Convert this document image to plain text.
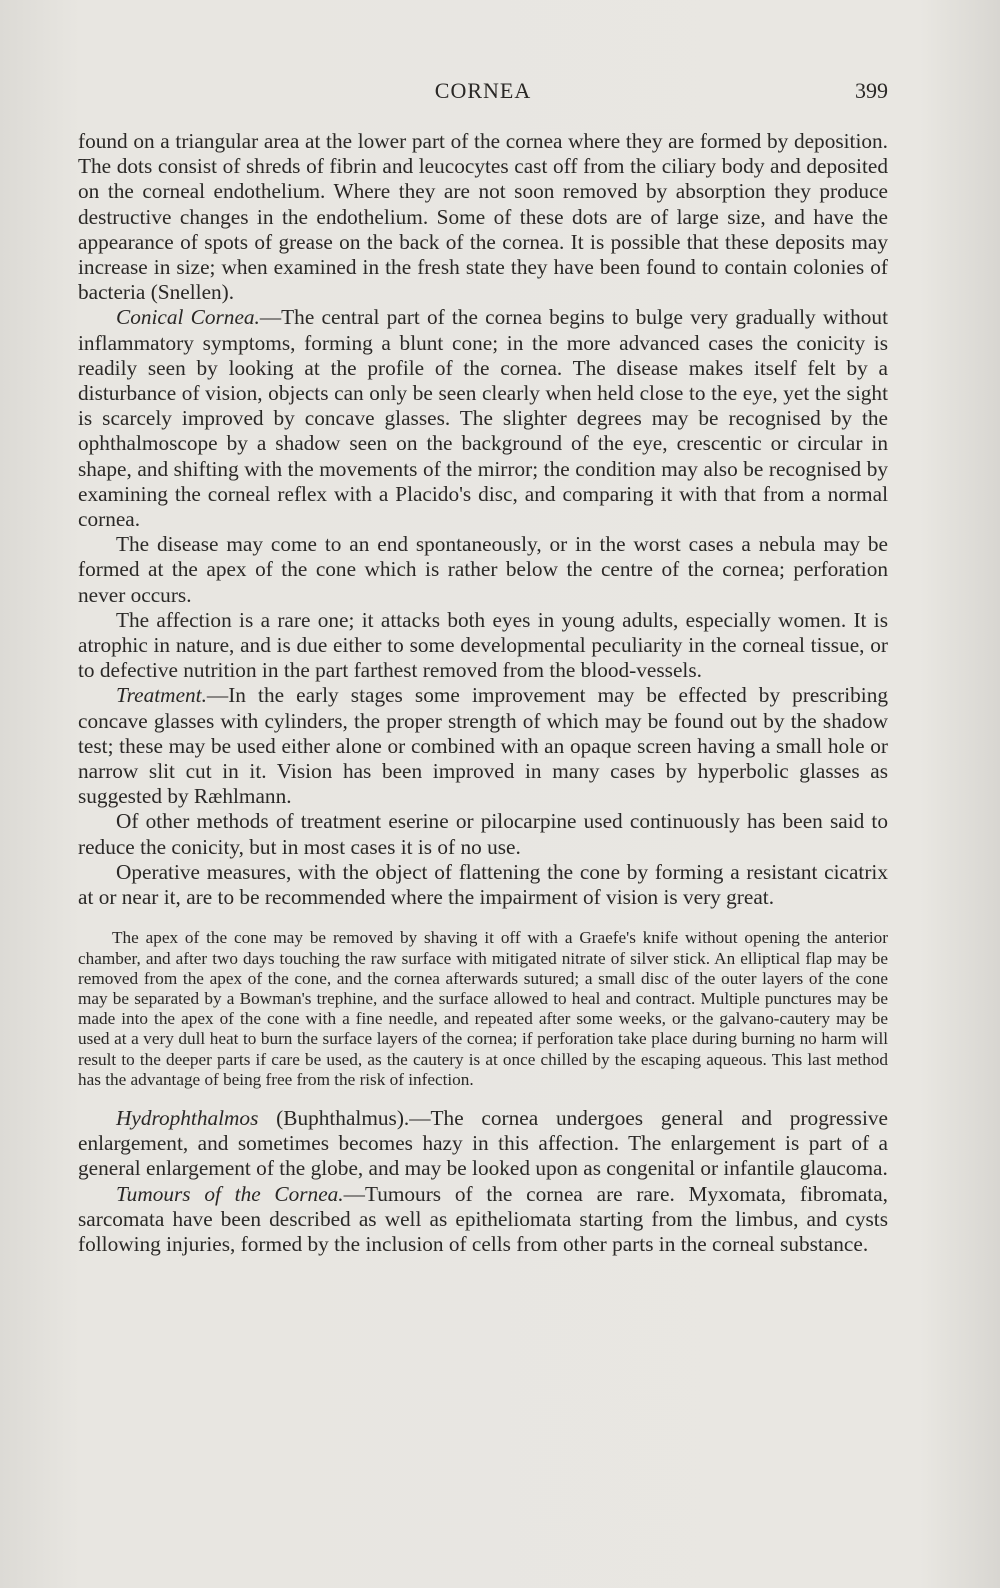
CORNEA	399

found on a triangular area at the lower part of the cornea where they are formed by deposition. The dots consist of shreds of fibrin and leucocytes cast off from the ciliary body and deposited on the corneal endothelium. Where they are not soon removed by absorption they produce destructive changes in the endothelium. Some of these dots are of large size, and have the appearance of spots of grease on the back of the cornea. It is possible that these deposits may increase in size; when examined in the fresh state they have been found to contain colonies of bacteria (Snellen).

Conical Cornea.—The central part of the cornea begins to bulge very gradually without inflammatory symptoms, forming a blunt cone; in the more advanced cases the conicity is readily seen by looking at the profile of the cornea. The disease makes itself felt by a disturbance of vision, objects can only be seen clearly when held close to the eye, yet the sight is scarcely improved by concave glasses. The slighter degrees may be recognised by the ophthalmoscope by a shadow seen on the background of the eye, crescentic or circular in shape, and shifting with the movements of the mirror; the condition may also be recognised by examining the corneal reflex with a Placido's disc, and comparing it with that from a normal cornea.

The disease may come to an end spontaneously, or in the worst cases a nebula may be formed at the apex of the cone which is rather below the centre of the cornea; perforation never occurs.

The affection is a rare one; it attacks both eyes in young adults, especially women. It is atrophic in nature, and is due either to some developmental peculiarity in the corneal tissue, or to defective nutrition in the part farthest removed from the blood-vessels.

Treatment.—In the early stages some improvement may be effected by prescribing concave glasses with cylinders, the proper strength of which may be found out by the shadow test; these may be used either alone or combined with an opaque screen having a small hole or narrow slit cut in it. Vision has been improved in many cases by hyperbolic glasses as suggested by Ræhlmann.

Of other methods of treatment eserine or pilocarpine used continuously has been said to reduce the conicity, but in most cases it is of no use.

Operative measures, with the object of flattening the cone by forming a resistant cicatrix at or near it, are to be recommended where the impairment of vision is very great.

The apex of the cone may be removed by shaving it off with a Graefe's knife without opening the anterior chamber, and after two days touching the raw surface with mitigated nitrate of silver stick. An elliptical flap may be removed from the apex of the cone, and the cornea afterwards sutured; a small disc of the outer layers of the cone may be separated by a Bowman's trephine, and the surface allowed to heal and contract. Multiple punctures may be made into the apex of the cone with a fine needle, and repeated after some weeks, or the galvano-cautery may be used at a very dull heat to burn the surface layers of the cornea; if perforation take place during burning no harm will result to the deeper parts if care be used, as the cautery is at once chilled by the escaping aqueous. This last method has the advantage of being free from the risk of infection.

Hydrophthalmos (Buphthalmus).—The cornea undergoes general and progressive enlargement, and sometimes becomes hazy in this affection. The enlargement is part of a general enlargement of the globe, and may be looked upon as congenital or infantile glaucoma.

Tumours of the Cornea.—Tumours of the cornea are rare. Myxomata, fibromata, sarcomata have been described as well as epitheliomata starting from the limbus, and cysts following injuries, formed by the inclusion of cells from other parts in the corneal substance.
